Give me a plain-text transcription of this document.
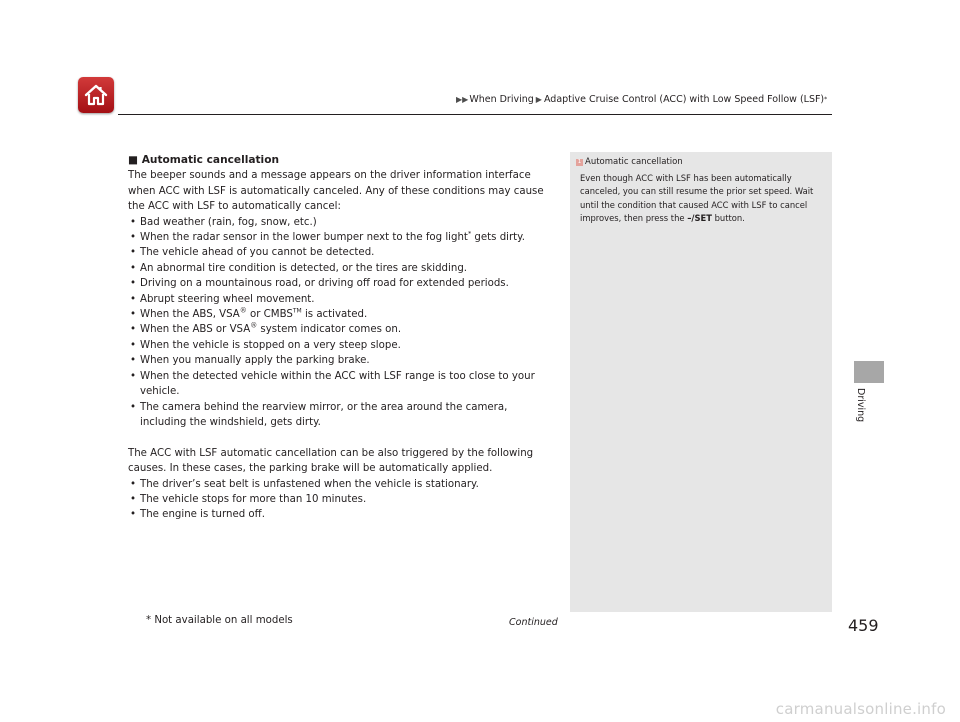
▶▶ When Driving ▶ Adaptive Cruise Control (ACC) with Low Speed Follow (LSF) *
■ Automatic cancellation

The beeper sounds and a message appears on the driver information interface when ACC with LSF is automatically canceled. Any of these conditions may cause the ACC with LSF to automatically cancel:

• Bad weather (rain, fog, snow, etc.)
• When the radar sensor in the lower bumper next to the fog light* gets dirty.
• The vehicle ahead of you cannot be detected.
• An abnormal tire condition is detected, or the tires are skidding.
• Driving on a mountainous road, or driving off road for extended periods.
• Abrupt steering wheel movement.
• When the ABS, VSA® or CMBS™ is activated.
• When the ABS or VSA® system indicator comes on.
• When the vehicle is stopped on a very steep slope.
• When you manually apply the parking brake.
• When the detected vehicle within the ACC with LSF range is too close to your vehicle.
• The camera behind the rearview mirror, or the area around the camera, including the windshield, gets dirty.

The ACC with LSF automatic cancellation can be also triggered by the following causes. In these cases, the parking brake will be automatically applied.

• The driver’s seat belt is unfastened when the vehicle is stationary.
• The vehicle stops for more than 10 minutes.
• The engine is turned off.
1 Automatic cancellation
Even though ACC with LSF has been automatically canceled, you can still resume the prior set speed. Wait until the condition that caused ACC with LSF to cancel improves, then press the –/SET button.
Driving
* Not available on all models	Continued	459
carmanualsonline.info
